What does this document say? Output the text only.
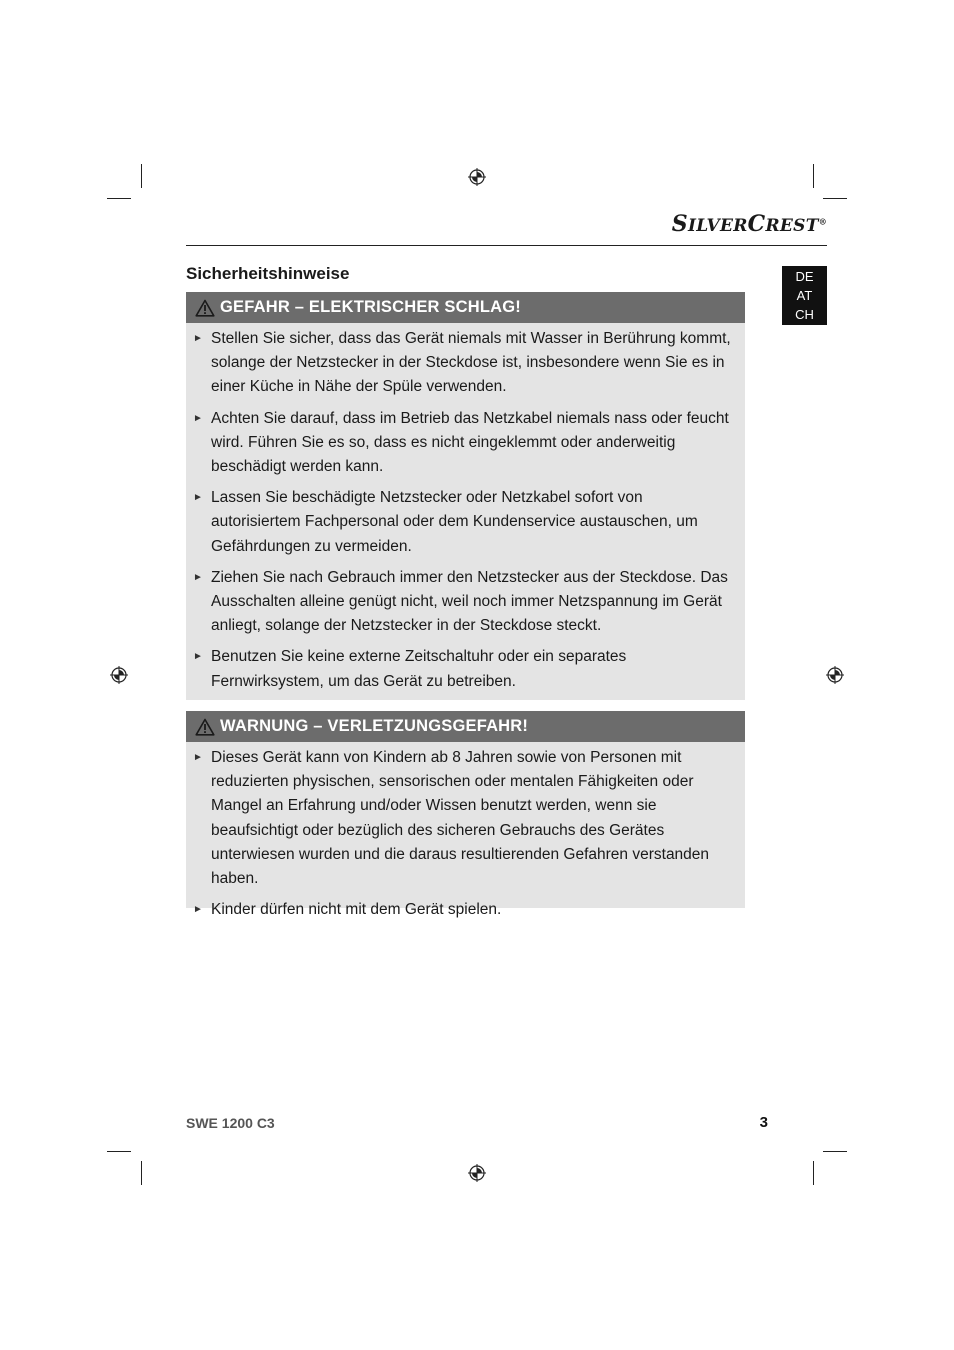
SILVERCREST®
DE
AT
CH
Sicherheitshinweise
GEFAHR – ELEKTRISCHER SCHLAG!
► Stellen Sie sicher, dass das Gerät niemals mit Wasser in Berührung kommt, solange der Netzstecker in der Steckdose ist, insbesondere wenn Sie es in einer Küche in Nähe der Spüle verwenden.
► Achten Sie darauf, dass im Betrieb das Netzkabel niemals nass oder feucht wird. Führen Sie es so, dass es nicht eingeklemmt oder anderweitig beschädigt werden kann.
► Lassen Sie beschädigte Netzstecker oder Netzkabel sofort von autorisiertem Fachpersonal oder dem Kundenservice austauschen, um Gefährdungen zu vermeiden.
► Ziehen Sie nach Gebrauch immer den Netzstecker aus der Steckdose. Das Ausschalten alleine genügt nicht, weil noch immer Netzspannung im Gerät anliegt, solange der Netzstecker in der Steckdose steckt.
► Benutzen Sie keine externe Zeitschaltuhr oder ein separates Fernwirksystem, um das Gerät zu betreiben.
WARNUNG – VERLETZUNGSGEFAHR!
► Dieses Gerät kann von Kindern ab 8 Jahren sowie von Personen mit reduzierten physischen, sensorischen oder mentalen Fähigkeiten oder Mangel an Erfahrung und/oder Wissen benutzt werden, wenn sie beaufsichtigt oder bezüglich des sicheren Gebrauchs des Gerätes unterwiesen wurden und die daraus resultierenden Gefahren verstanden haben.
► Kinder dürfen nicht mit dem Gerät spielen.
SWE 1200 C3	3
